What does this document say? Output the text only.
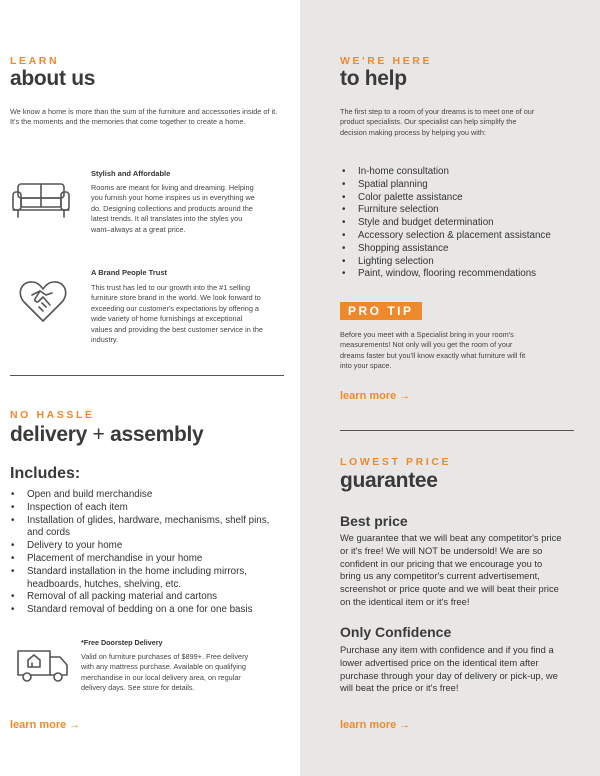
LEARN
about us
We know a home is more than the sum of the furniture and accessories inside of it. It's the moments and the memories that come together to create a home.
Stylish and Affordable
Rooms are meant for living and dreaming. Helping you furnish your home inspires us in everything we do. Designing collections and products around the latest trends. It all translates into the styles you want–always at a great price.
A Brand People Trust
This trust has led to our growth into the #1 selling furniture store brand in the world. We look forward to exceeding our customer's expectations by offering a wide variety of home furnishings at exceptional values and providing the best customer service in the industry.
WE'RE HERE
to help
The first step to a room of your dreams is to meet one of our product specialists. Our specialist can help simplify the decision making process by helping you with:
• In-home consultation
• Spatial planning
• Color palette assistance
• Furniture selection
• Style and budget determination
• Accessory selection & placement assistance
• Shopping assistance
• Lighting selection
• Paint, window, flooring recommendations
PRO TIP
Before you meet with a Specialist bring in your room's measurements! Not only will you get the room of your dreams faster but you'll know exactly what furniture will fit into your space.
learn more →
NO HASSLE
delivery + assembly
Includes:
• Open and build merchandise
• Inspection of each item
• Installation of glides, hardware, mechanisms, shelf pins, and cords
• Delivery to your home
• Placement of merchandise in your home
• Standard installation in the home including mirrors, headboards, hutches, shelving, etc.
• Removal of all packing material and cartons
• Standard removal of bedding on a one for one basis
*Free Doorstep Delivery
Valid on furniture purchases of $899+. Free delivery with any mattress purchase. Available on qualifying merchandise in our local delivery area, on regular delivery days. See store for details.
learn more →
LOWEST PRICE
guarantee
Best price
We guarantee that we will beat any competitor's price or it's free! We will NOT be undersold! We are so confident in our pricing that we encourage you to bring us any competitor's current advertisement, screenshot or price quote and we will beat their price on the identical item or it's free!
Only Confidence
Purchase any item with confidence and if you find a lower advertised price on the identical item after purchase through your day of delivery or pick-up, we will beat the price or it's free!
learn more →
